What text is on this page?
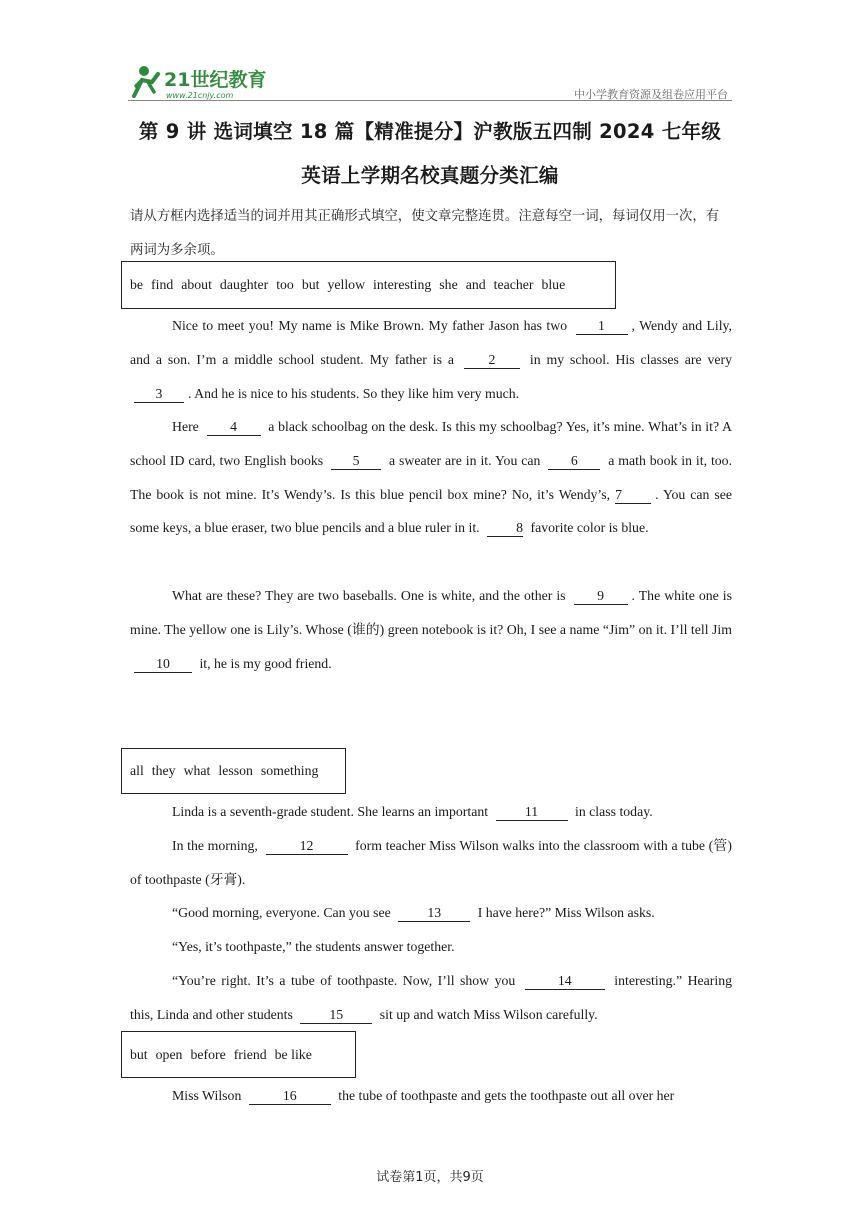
21世纪教育
www.21cnjy.com	中小学教育资源及组卷应用平台
第 9 讲 选词填空 18 篇【精准提分】沪教版五四制 2024 七年级
英语上学期名校真题分类汇编
请从方框内选择适当的词并用其正确形式填空，使文章完整连贯。注意每空一词，每词仅用一次，有两词为多余项。
be find about daughter too but yellow interesting she and teacher blue

Nice to meet you! My name is Mike Brown. My father Jason has two 1 , Wendy and Lily, and a son. I’m a middle school student. My father is a 2 in my school. His classes are very 3 . And he is nice to his students. So they like him very much.

Here 4 a black schoolbag on the desk. Is this my schoolbag? Yes, it’s mine. What’s in it? A school ID card, two English books 5 a sweater are in it. You can 6 a math book in it, too. The book is not mine. It’s Wendy’s. Is this blue pencil box mine? No, it’s Wendy’s, 7 . You can see some keys, a blue eraser, two blue pencils and a blue ruler in it.	8 favorite color is blue.

What are these? They are two baseballs. One is white, and the other is 9 . The white one is mine. The yellow one is Lily’s. Whose (谁的) green notebook is it? Oh, I see a name “Jim” on it. I’ll tell Jim 10 it, he is my good friend.

all they what lesson something

Linda is a seventh-grade student. She learns an important	11	in class today.

In the morning,	12	form teacher Miss Wilson walks into the classroom with a tube (管) of toothpaste (牙膏).

“Good morning, everyone. Can you see	13	I have here?” Miss Wilson asks.

“Yes, it’s toothpaste,” the students answer together.

“You’re right. It’s a tube of toothpaste. Now, I’ll show you	14	interesting.” Hearing this, Linda and other students	15	sit up and watch Miss Wilson carefully.

but open before friend be like

Miss Wilson	16	the tube of toothpaste and gets the toothpaste out all over her

试卷第1页，共9页
